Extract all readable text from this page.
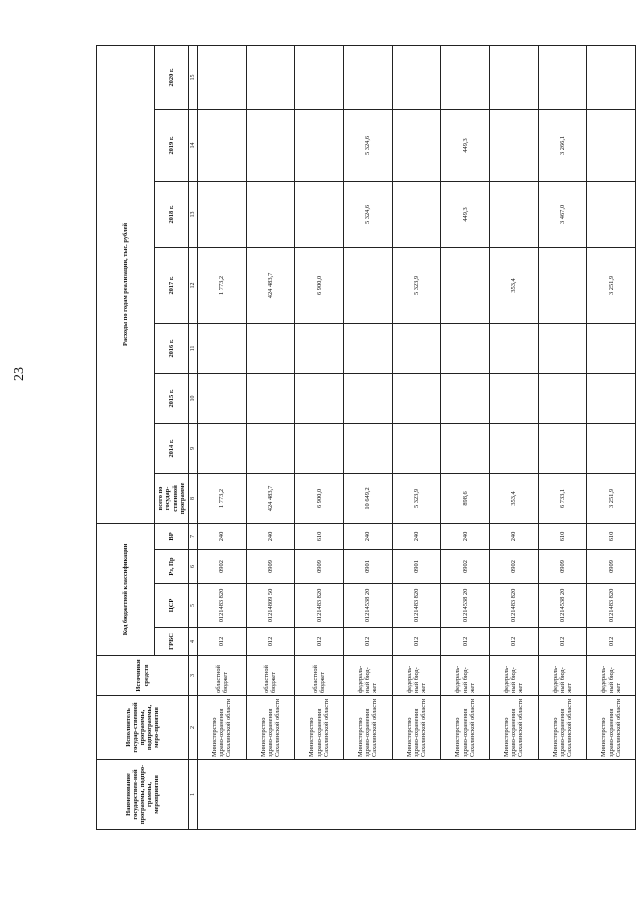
23
Наименование государствен-ной программы, подпро-граммы, мероприятия	Исполнитель государ-ственной программы, подпрограммы, меро-приятия	Источники средств	Код бюджетной классификации				Расходы по годам реализации, тыс. рублей							
			ГРБС	ЦСР	Рз, Пр	ВР	всего по государ-ственной программе	2014 г.	2015 г.	2016 г.	2017 г.	2018 г.	2019 г.	2020 г.
1	2	3	4	5	6	7	8	9	10	11	12	13	14	15
	Министерство здраво-охранения Сахалинской области	областной бюджет	012	0121483 820	0902	240	1 773,2				1 773,2			
	Министерство здраво-охранения Сахалинской области	областной бюджет	012	01214809 50	0909	240	424 483,7				424 483,7			
	Министерство здраво-охранения Сахалинской области	областной бюджет	012	0121483 820	0909	610	6 900,0				6 900,0			
	Министерство здраво-охранения Сахалинской области	федераль-ный бюд-жет	012	01214538 20	0901	240	10 649,2					5 324,6	5 324,6	
	Министерство здраво-охранения Сахалинской области	федераль-ный бюд-жет	012	0121483 820	0901	240	5 323,9				5 323,9			
	Министерство здраво-охранения Сахалинской области	федераль-ный бюд-жет	012	01214538 20	0902	240	898,6					449,3	449,3	
	Министерство здраво-охранения Сахалинской области	федераль-ный бюд-жет	012	0121483 820	0902	240	353,4				353,4			
	Министерство здраво-охранения Сахалинской области	федераль-ный бюд-жет	012	01214538 20	0909	610	6 733,1					3 467,0	3 266,1	
	Министерство здраво-охранения Сахалинской области	федераль-ный бюд-жет	012	0121483 820	0909	610	3 251,9				3 251,9			
